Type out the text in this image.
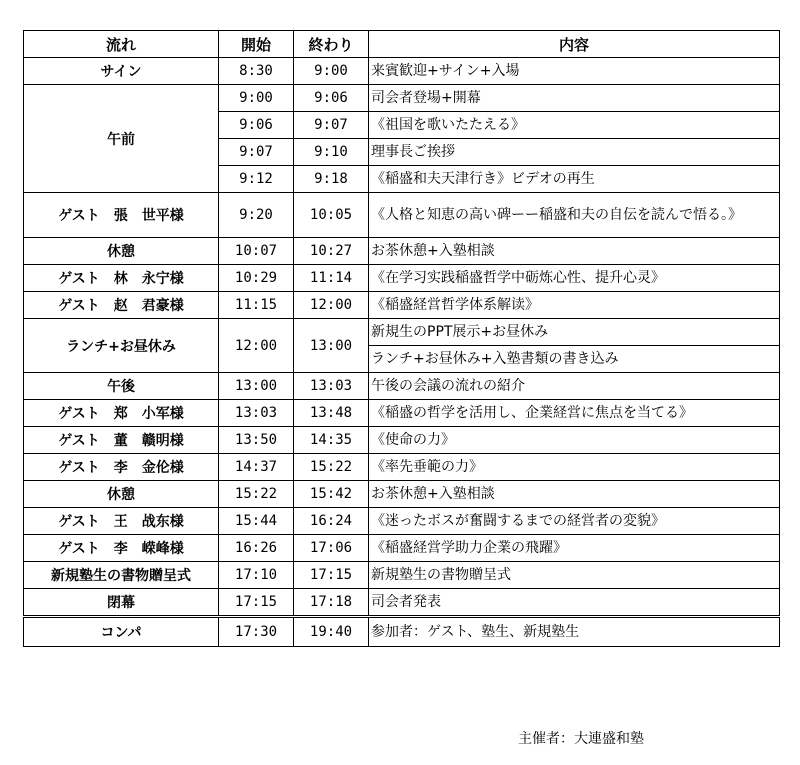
流れ	開始	終わり	内容
サイン	8:30	9:00	来賓歓迎+サイン+入場
午前	9:00	9:06	司会者登場+開幕
	9:06	9:07	《祖国を歌いたたえる》
	9:07	9:10	理事長ご挨拶
	9:12	9:18	《稲盛和夫天津行き》ビデオの再生
ゲスト　張　世平様	9:20	10:05	《人格と知恵の高い碑ーー稲盛和夫の自伝を読んで悟る。》
休憩	10:07	10:27	お茶休憩+入塾相談
ゲスト　林　永宁様	10:29	11:14	《在学习实践稲盛哲学中砺炼心性、提升心灵》
ゲスト　赵　君豪様	11:15	12:00	《稲盛経営哲学体系解读》
ランチ+お昼休み	12:00	13:00	新規生のPPT展示+お昼休み
			ランチ+お昼休み+入塾書類の書き込み
午後	13:00	13:03	午後の会議の流れの紹介
ゲスト　郑　小军様	13:03	13:48	《稲盛の哲学を活用し、企業経営に焦点を当てる》
ゲスト　董　赣明様	13:50	14:35	《使命の力》
ゲスト　李　金伦様	14:37	15:22	《率先垂範の力》
休憩	15:22	15:42	お茶休憩+入塾相談
ゲスト　王　战东様	15:44	16:24	《迷ったボスが奮闘するまでの経営者の変貌》
ゲスト　李　嵘峰様	16:26	17:06	《稲盛経営学助力企業の飛躍》
新規塾生の書物贈呈式	17:10	17:15	新規塾生の書物贈呈式
閉幕	17:15	17:18	司会者発表
コンパ	17:30	19:40	参加者：ゲスト、塾生、新規塾生
主催者：大連盛和塾
